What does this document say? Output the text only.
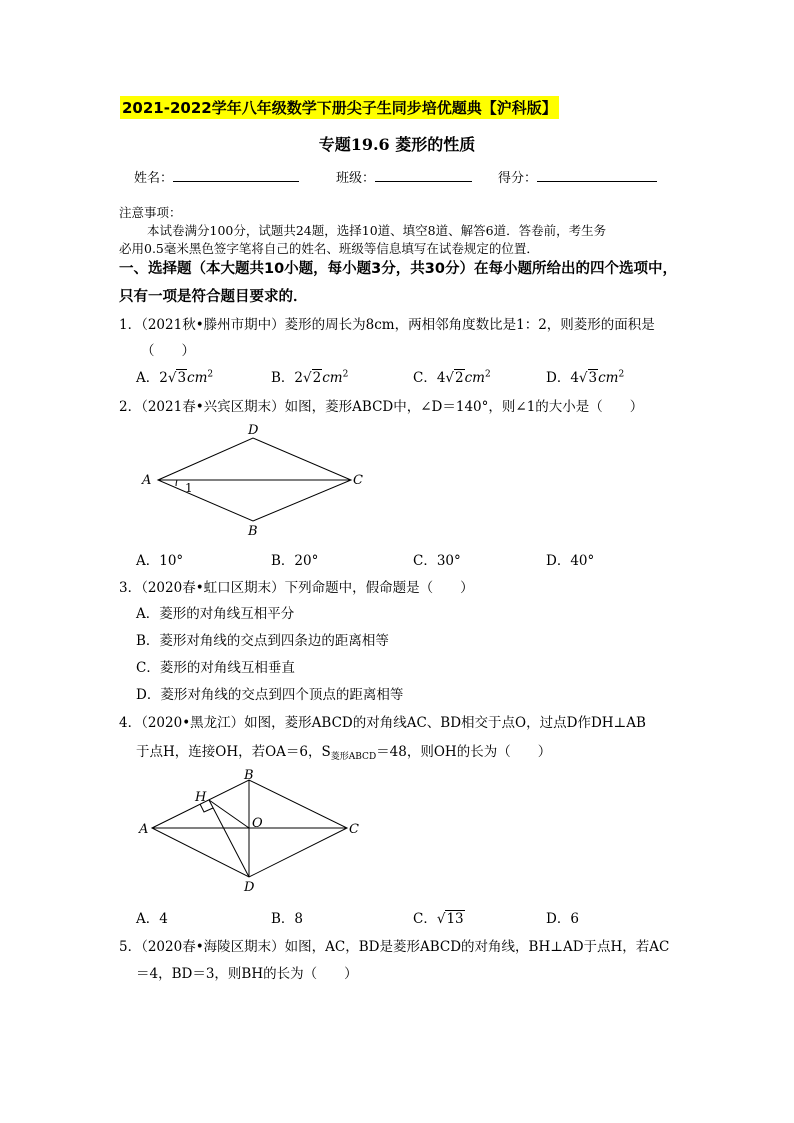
2021-2022学年八年级数学下册尖子生同步培优题典【沪科版】
专题19.6 菱形的性质
姓名：	班级：	得分：
注意事项：
本试卷满分100分，试题共24题，选择10道、填空8道、解答6道．答卷前，考生务
必用0.5毫米黑色签字笔将自己的姓名、班级等信息填写在试卷规定的位置．
一、选择题（本大题共10小题，每小题3分，共30分）在每小题所给出的四个选项中，
只有一项是符合题目要求的．
1．（2021秋•滕州市期中）菱形的周长为8cm，两相邻角度数比是1：2，则菱形的面积是
（　　）
A．$2√3cm^2$	B．$2√2cm^2$	C．$4√2cm^2$	D．$4√3cm^2$
2．（2021春•兴宾区期末）如图，菱形ABCD中，∠D＝140°，则∠1的大小是（　　）
A
D
C
B
1
A．10°	B．20°	C．30°	D．40°
3．（2020春•虹口区期末）下列命题中，假命题是（　　）
A．菱形的对角线互相平分
B．菱形对角线的交点到四条边的距离相等
C．菱形的对角线互相垂直
D．菱形对角线的交点到四个顶点的距离相等
4．（2020•黑龙江）如图，菱形ABCD的对角线AC、BD相交于点O，过点D作DH⊥AB
于点H，连接OH，若OA＝6，$S_{菱形ABCD}=48$，则OH的长为（　　）
A
B
C
D
H
O
A．4	B．8	C．√13	D．6
5．（2020春•海陵区期末）如图，AC，BD是菱形ABCD的对角线，BH⊥AD于点H，若AC
＝4，BD＝3，则BH的长为（　　）
